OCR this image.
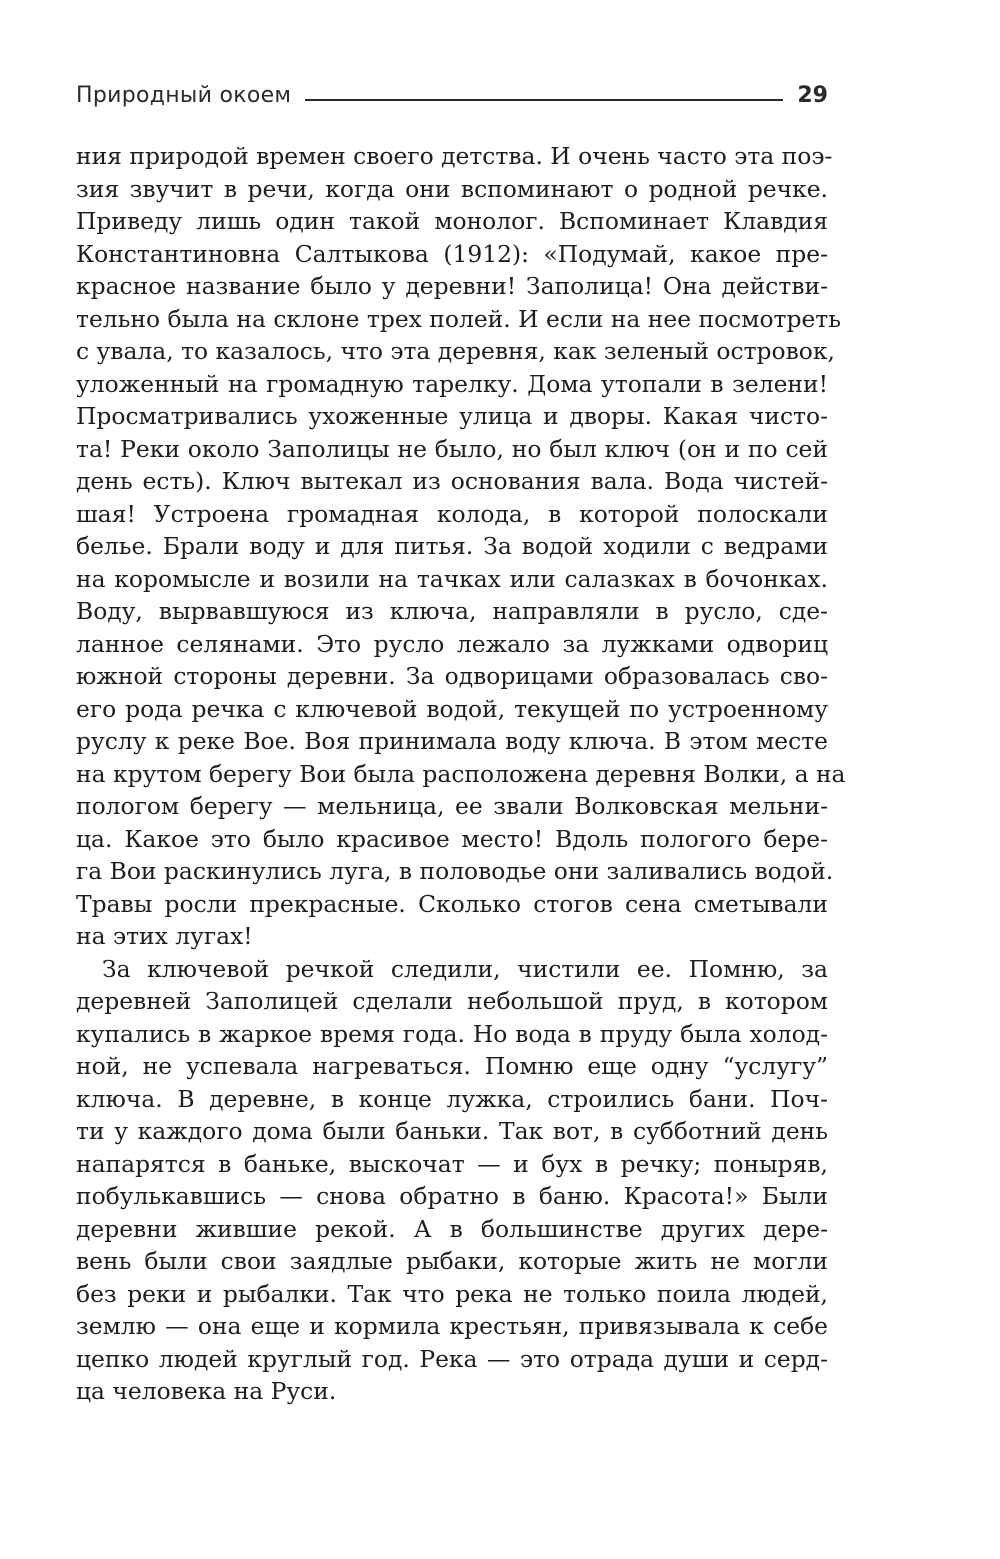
Природный окоем	29
ния природой времен своего детства. И очень часто эта поэ-
зия звучит в речи, когда они вспоминают о родной речке.
Приведу лишь один такой монолог. Вспоминает Клавдия
Константиновна Салтыкова (1912): «Подумай, какое пре-
красное название было у деревни! Заполица! Она действи-
тельно была на склоне трех полей. И если на нее посмотреть
с увала, то казалось, что эта деревня, как зеленый островок,
уложенный на громадную тарелку. Дома утопали в зелени!
Просматривались ухоженные улица и дворы. Какая чисто-
та! Реки около Заполицы не было, но был ключ (он и по сей
день есть). Ключ вытекал из основания вала. Вода чистей-
шая! Устроена громадная колода, в которой полоскали
белье. Брали воду и для питья. За водой ходили с ведрами
на коромысле и возили на тачках или салазках в бочонках.
Воду, вырвавшуюся из ключа, направляли в русло, сде-
ланное селянами. Это русло лежало за лужками одвориц
южной стороны деревни. За одворицами образовалась сво-
его рода речка с ключевой водой, текущей по устроенному
руслу к реке Вое. Воя принимала воду ключа. В этом месте
на крутом берегу Вои была расположена деревня Волки, а на
пологом берегу — мельница, ее звали Волковская мельни-
ца. Какое это было красивое место! Вдоль пологого бере-
га Вои раскинулись луга, в половодье они заливались водой.
Травы росли прекрасные. Сколько стогов сена сметывали
на этих лугах!
За ключевой речкой следили, чистили ее. Помню, за
деревней Заполицей сделали небольшой пруд, в котором
купались в жаркое время года. Но вода в пруду была холод-
ной, не успевала нагреваться. Помню еще одну “услугу”
ключа. В деревне, в конце лужка, строились бани. Поч-
ти у каждого дома были баньки. Так вот, в субботний день
напарятся в баньке, выскочат — и бух в речку; поныряв,
побулькавшись — снова обратно в баню. Красота!» Были
деревни жившие рекой. А в большинстве других дере-
вень были свои заядлые рыбаки, которые жить не могли
без реки и рыбалки. Так что река не только поила людей,
землю — она еще и кормила крестьян, привязывала к себе
цепко людей круглый год. Река — это отрада души и серд-
ца человека на Руси.
